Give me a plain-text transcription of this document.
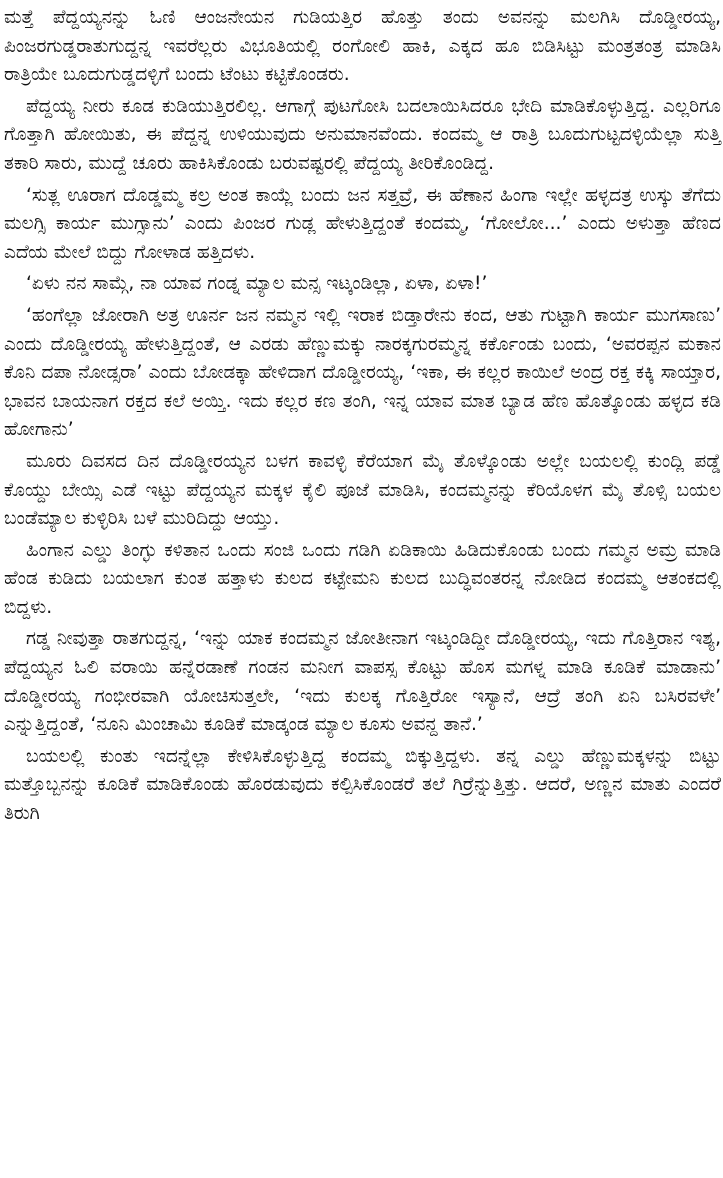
ಮತ್ತೆ ಪೆದ್ದಯ್ಯನನ್ನು ಓಣಿ ಆಂಜನೇಯನ ಗುಡಿಯತ್ತಿರ ಹೊತ್ತು ತಂದು ಅವನನ್ನು ಮಲಗಿಸಿ ದೊಡ್ಡೀರಯ್ಯ, ಪಿಂಜರಗುಡ್ಡರಾತುಗುದ್ದನ್ನ ಇವರೆಲ್ಲರು ವಿಭೂತಿಯಲ್ಲಿ ರಂಗೋಲಿ ಹಾಕಿ, ಎಕ್ಕದ ಹೂ ಬಿಡಿಸಿಟ್ಟು ಮಂತ್ರತಂತ್ರ ಮಾಡಿಸಿ ರಾತ್ರಿಯೇ ಬೂದುಗುಡ್ಡದಳ್ಳಿಗೆ ಬಂದು ಟೆಂಟು ಕಟ್ಟಿಕೊಂಡರು.

ಪೆದ್ದಯ್ಯ ನೀರು ಕೂಡ ಕುಡಿಯುತ್ತಿರಲಿಲ್ಲ. ಆಗಾಗ್ಗೆ ಪುಟಗೋಸಿ ಬದಲಾಯಿಸಿದರೂ ಭೇದಿ ಮಾಡಿಕೊಳ್ಳುತ್ತಿದ್ದ. ಎಲ್ಲರಿಗೂ ಗೊತ್ತಾಗಿ ಹೋಯಿತು, ಈ ಪೆದ್ದನ್ನ ಉಳಿಯುವುದು ಅನುಮಾನವೆಂದು. ಕಂದಮ್ಮ ಆ ರಾತ್ರಿ ಬೂದುಗುಟ್ಟದಳ್ಳಿಯೆಲ್ಲಾ ಸುತ್ತಿ ತಕಾರಿ ಸಾರು, ಮುದ್ದೆ ಚೂರು ಹಾಕಿಸಿಕೊಂಡು ಬರುವಷ್ಟರಲ್ಲಿ ಪೆದ್ದಯ್ಯ ತೀರಿಕೊಂಡಿದ್ದ.

‘ಸುತ್ಲ ಊರಾಗ ದೊಡ್ಡಮ್ಮ ಕಲ್ರ ಅಂತ ಕಾಯ್ಲೆ ಬಂದು ಜನ ಸತ್ತವ್ರೆ, ಈ ಹೆಣಾನ ಹಿಂಗಾ ಇಲ್ಲೇ ಹಳ್ಳದತ್ರ ಉಸ್ಕು ತೆಗೆದು ಮಲಗ್ಸಿ ಕಾರ್ಯ ಮುಗ್ಸಾನು’ ಎಂದು ಪಿಂಜರ ಗುಡ್ಲ ಹೇಳುತ್ತಿದ್ದಂತೆ ಕಂದಮ್ಮ, ‘ಗೋಲೋ...’ ಎಂದು ಅಳುತ್ತಾ ಹೆಣದ ಎದೆಯ ಮೇಲೆ ಬಿದ್ದು ಗೋಳಾಡ ಹತ್ತಿದಳು.

‘ಏಳು ನನ ಸಾಮ್ಗೆ, ನಾ ಯಾವ ಗಂಡ್ನ ಮ್ಯಾಲ ಮನ್ಸ ಇಟ್ಕಂಡಿಲ್ಲಾ, ಏಳಾ, ಏಳಾ!’

‘ಹಂಗೆಲ್ಲಾ ಜೋರಾಗಿ ಅತ್ರ ಊರ್ನ ಜನ ನಮ್ಮನ ಇಲ್ಲಿ ಇರಾಕ ಬಿಡ್ತಾರೇನು ಕಂದ, ಆತು ಗುಟ್ಟಾಗಿ ಕಾರ್ಯ ಮುಗಸಾಣು’ ಎಂದು ದೊಡ್ಡೀರಯ್ಯ ಹೇಳುತ್ತಿದ್ದಂತೆ, ಆ ಎರಡು ಹೆಣ್ಣುಮಕ್ಕು ನಾರಕ್ಕಗುರಮ್ಮನ್ನ ಕರ್ಕೊಂಡು ಬಂದು, ‘ಅವರಪ್ಪನ ಮಕಾನ ಕೊನಿ ದಪಾ ನೋಡ್ಸರಾ’ ಎಂದು ಬೋಡಕ್ಕಾ ಹೇಳಿದಾಗ ದೊಡ್ಡೀರಯ್ಯ, ‘ಇಕಾ, ಈ ಕಲ್ಲರ ಕಾಯಿಲೆ ಅಂದ್ರ ರಕ್ತ ಕಕ್ಕಿ ಸಾಯ್ತಾರ, ಭಾವನ ಬಾಯನಾಗ ರಕ್ತದ ಕಲೆ ಅಯ್ತಿ. ಇದು ಕಲ್ಲರ ಕಣ ತಂಗಿ, ಇನ್ನ ಯಾವ ಮಾತ ಬ್ಯಾಡ ಹೆಣ ಹೊತ್ಕೊಂಡು ಹಳ್ಳದ ಕಡಿ ಹೋಗಾನು’

ಮೂರು ದಿವಸದ ದಿನ ದೊಡ್ಡೀರಯ್ಯನ ಬಳಗ ಕಾವಳ್ಳಿ ಕೆರೆಯಾಗ ಮೈ ತೊಳ್ಕೊಂಡು ಅಲ್ಲೇ ಬಯಲಲ್ಲಿ ಕುಂದ್ಲಿ ಪಡ್ಡೆ ಕೊಯ್ದು ಬೇಯ್ಸಿ ಎಡೆ ಇಟ್ಟು ಪೆದ್ದಯ್ಯನ ಮಕ್ಕಳ ಕೈಲಿ ಪೂಜೆ ಮಾಡಿಸಿ, ಕಂದಮ್ಮನನ್ನು ಕೆರಿಯೊಳಗ ಮೈ ತೊಳ್ಸಿ ಬಯಲ ಬಂಡೆಮ್ಯಾಲ ಕುಳ್ಳಿರಿಸಿ ಬಳೆ ಮುರಿದಿದ್ದು ಆಯ್ತು.

ಹಿಂಗಾನ ಎಲ್ಡು ತಿಂಗ್ಳು ಕಳಿತಾನ ಒಂದು ಸಂಜಿ ಒಂದು ಗಡಿಗಿ ಏಡಿಕಾಯಿ ಹಿಡಿದುಕೊಂಡು ಬಂದು ಗಮ್ಮನ ಅಮ್ರ ಮಾಡಿ ಹೆಂಡ ಕುಡಿದು ಬಯಲಾಗ ಕುಂತ ಹತ್ತಾಳು ಕುಲದ ಕಟ್ಟೇಮನಿ ಕುಲದ ಬುದ್ಧಿವಂತರನ್ನ ನೋಡಿದ ಕಂದಮ್ಮ ಆತಂಕದಲ್ಲಿ ಬಿದ್ದಳು.

ಗಡ್ಡ ನೀವುತ್ತಾ ರಾತಗುದ್ದನ್ನ, ‘ಇನ್ನು ಯಾಕ ಕಂದಮ್ಮನ ಜೋತೀನಾಗ ಇಟ್ಕಂಡಿದ್ದೀ ದೊಡ್ಡೀರಯ್ಯ, ಇದು ಗೊತ್ತಿರಾನ ಇಶ್ಯ, ಪೆದ್ದಯ್ಯನ ಓಲಿ ವರಾಯಿ ಹನ್ನೆರಡಾಣೆ ಗಂಡನ ಮನೀಗ ವಾಪಸ್ಸ ಕೊಟ್ಟು ಹೊಸ ಮಗಳ್ನ ಮಾಡಿ ಕೂಡಿಕೆ ಮಾಡಾನು’ ದೊಡ್ಡೀರಯ್ಯ ಗಂಭೀರವಾಗಿ ಯೋಚಿಸುತ್ತಲೇ, ‘ಇದು ಕುಲಕ್ಕ ಗೊತ್ತಿರೋ ಇಸ್ಯಾನೆ, ಆದ್ರೆ ತಂಗಿ ಏನಿ ಬಸಿರವಳೇ’ ಎನ್ನುತ್ತಿದ್ದಂತೆ, ‘ನೂನಿ ಮಿಂಚಾಮಿ ಕೂಡಿಕೆ ಮಾಡ್ಕಂಡ ಮ್ಯಾಲ ಕೂಸು ಅವನ್ದ ತಾನೆ.’

ಬಯಲಲ್ಲಿ ಕುಂತು ಇದನ್ನೆಲ್ಲಾ ಕೇಳಿಸಿಕೊಳ್ಳುತ್ತಿದ್ದ ಕಂದಮ್ಮ ಬಿಕ್ಕುತ್ತಿದ್ದಳು. ತನ್ನ ಎಲ್ಡು ಹೆಣ್ಣುಮಕ್ಕಳನ್ನು ಬಿಟ್ಟು ಮತ್ತೊಬ್ಬನನ್ನು ಕೂಡಿಕೆ ಮಾಡಿಕೊಂಡು ಹೊರಡುವುದು ಕಲ್ಪಿಸಿಕೊಂಡರೆ ತಲೆ ಗಿರ್ರೆನ್ನುತ್ತಿತ್ತು. ಆದರೆ, ಅಣ್ಣನ ಮಾತು ಎಂದರೆ ತಿರುಗಿ
